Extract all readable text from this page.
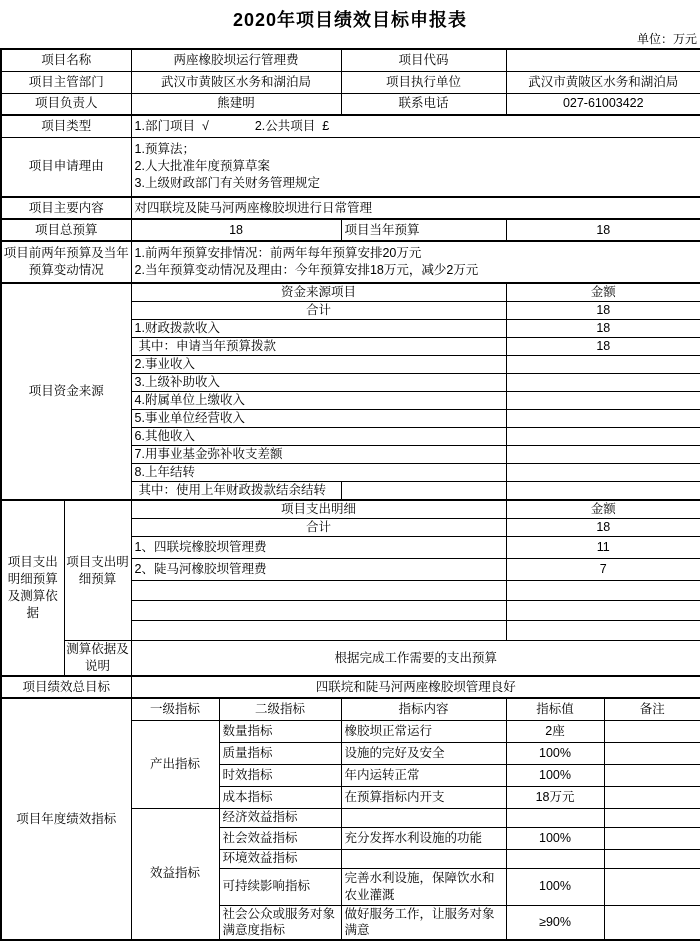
2020年项目绩效目标申报表
单位：万元
项目名称		两座橡胶坝运行管理费		项目代码		
项目主管部门		武汉市黄陂区水务和湖泊局		项目执行单位	武汉市黄陂区水务和湖泊局	
项目负责人		熊建明		联系电话	027-61003422	
项目类型		1.部门项目 √ 2.公共项目 £				
项目申请理由		1.预算法；
2.人大批准年度预算草案
3.上级财政部门有关财务管理规定				

项目主要内容		对四联垸及陡马河两座橡胶坝进行日常管理				
项目总预算		18		项目当年预算	18	
项目前两年预算及当年预算变动情况		1.前两年预算安排情况：前两年每年预算安排20万元
2.当年预算变动情况及理由：今年预算安排18万元，减少2万元				

项目资金来源		资金来源项目			金额	
		合计			18	
		1.财政拨款收入			18	
		其中：申请当年预算拨款			18	
		2.事业收入				
		3.上级补助收入				
		4.附属单位上缴收入				
		5.事业单位经营收入				
		6.其他收入				
		7.用事业基金弥补收支差额				
		8.上年结转				
		其中：使用上年财政拨款结余结转				
项目支出明细预算及测算依据	项目支出明细预算	项目支出明细			金额	
		合计			18	
		1、四联垸橡胶坝管理费			11	
		2、陡马河橡胶坝管理费			7	

	测算依据及说明	根据完成工作需要的支出预算				
项目绩效总目标		四联垸和陡马河两座橡胶坝管理良好				
项目年度绩效指标		一级指标	二级指标	指标内容	指标值	备注
		产出指标	数量指标	橡胶坝正常运行	2座	
			质量指标	设施的完好及安全	100%	
			时效指标	年内运转正常	100%	
			成本指标	在预算指标内开支	18万元	
		效益指标	经济效益指标			
			社会效益指标	充分发挥水利设施的功能	100%	
			环境效益指标			
			可持续影响指标	完善水利设施，保障饮水和农业灌溉	100%	
			社会公众或服务对象满意度指标	做好服务工作，让服务对象满意	≥90%	
